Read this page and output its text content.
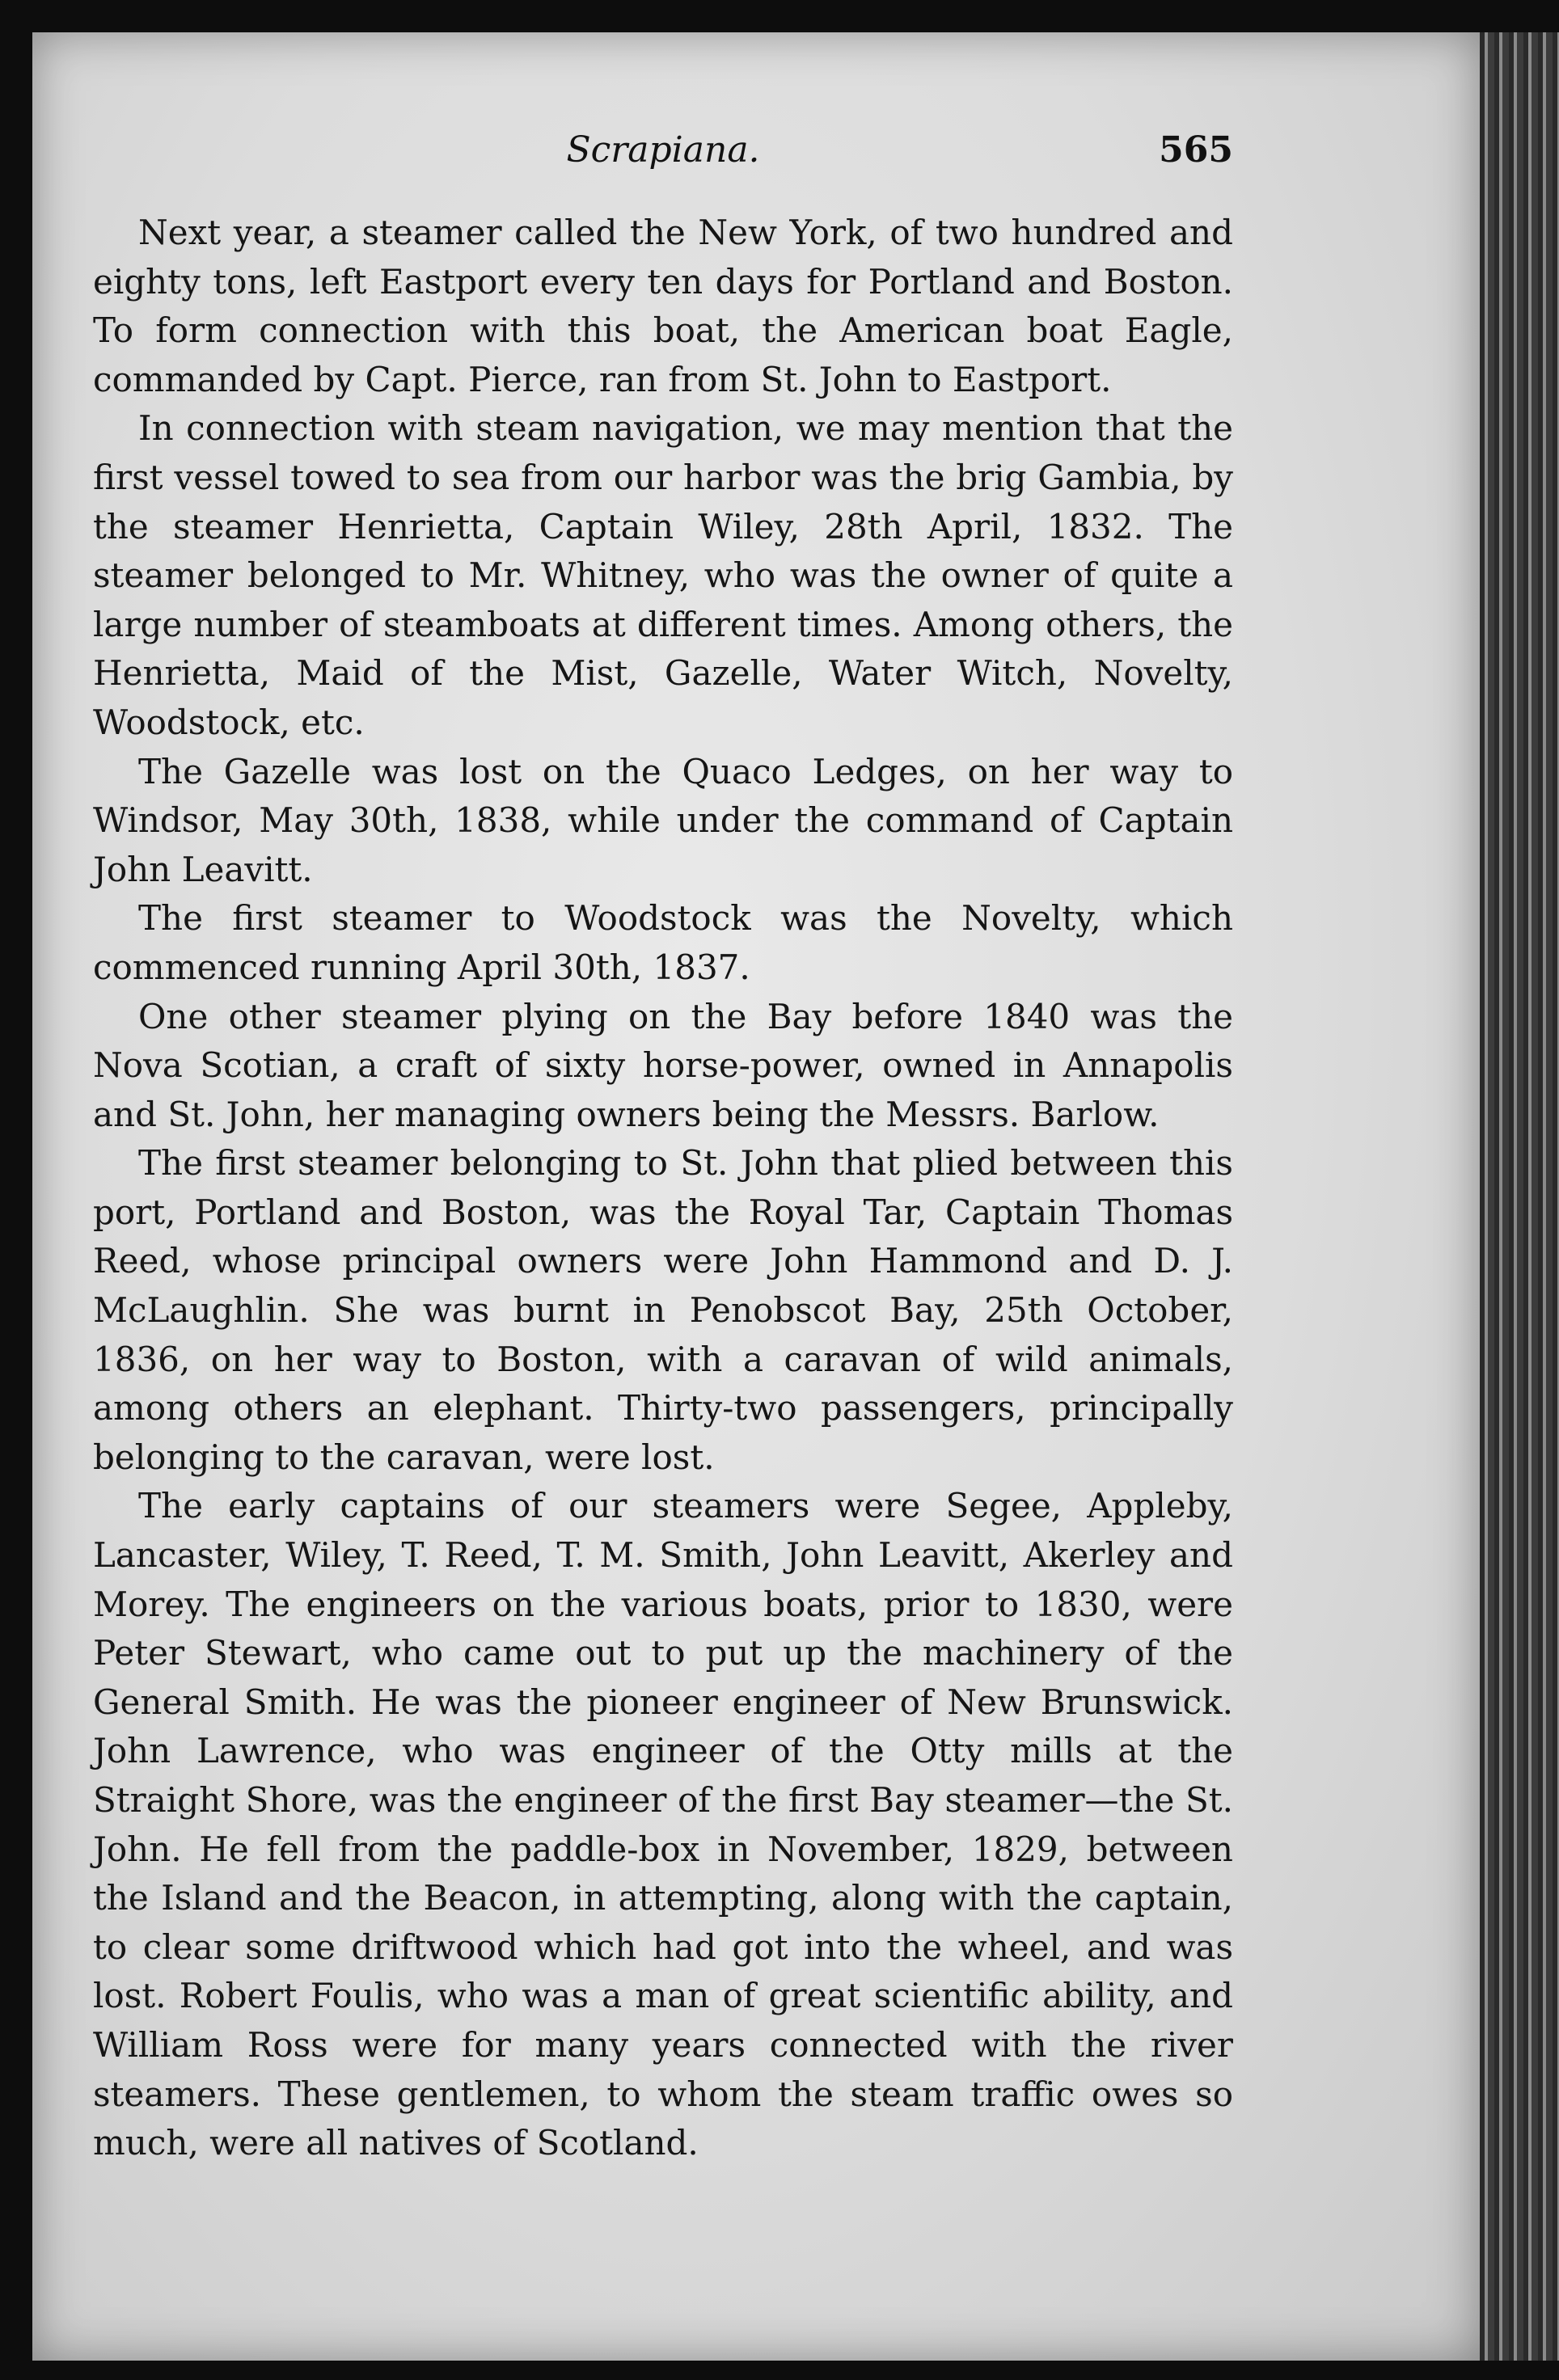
Scrapiana.	565

Next year, a steamer called the New York, of two hundred and eighty tons, left Eastport every ten days for Portland and Boston. To form connection with this boat, the American boat Eagle, commanded by Capt. Pierce, ran from St. John to Eastport.

In connection with steam navigation, we may mention that the first vessel towed to sea from our harbor was the brig Gambia, by the steamer Henrietta, Captain Wiley, 28th April, 1832. The steamer belonged to Mr. Whitney, who was the owner of quite a large number of steamboats at different times. Among others, the Henrietta, Maid of the Mist, Gazelle, Water Witch, Novelty, Woodstock, etc.

The Gazelle was lost on the Quaco Ledges, on her way to Windsor, May 30th, 1838, while under the command of Captain John Leavitt.

The first steamer to Woodstock was the Novelty, which commenced running April 30th, 1837.

One other steamer plying on the Bay before 1840 was the Nova Scotian, a craft of sixty horse-power, owned in Annapolis and St. John, her managing owners being the Messrs. Barlow.

The first steamer belonging to St. John that plied between this port, Portland and Boston, was the Royal Tar, Captain Thomas Reed, whose principal owners were John Hammond and D. J. McLaughlin. She was burnt in Penobscot Bay, 25th October, 1836, on her way to Boston, with a caravan of wild animals, among others an elephant. Thirty-two passengers, principally belonging to the caravan, were lost.

The early captains of our steamers were Segee, Appleby, Lancaster, Wiley, T. Reed, T. M. Smith, John Leavitt, Akerley and Morey. The engineers on the various boats, prior to 1830, were Peter Stewart, who came out to put up the machinery of the General Smith. He was the pioneer engineer of New Brunswick. John Lawrence, who was engineer of the Otty mills at the Straight Shore, was the engineer of the first Bay steamer—the St. John. He fell from the paddle-box in November, 1829, between the Island and the Beacon, in attempting, along with the captain, to clear some driftwood which had got into the wheel, and was lost. Robert Foulis, who was a man of great scientific ability, and William Ross were for many years connected with the river steamers. These gentlemen, to whom the steam traffic owes so much, were all natives of Scotland.
